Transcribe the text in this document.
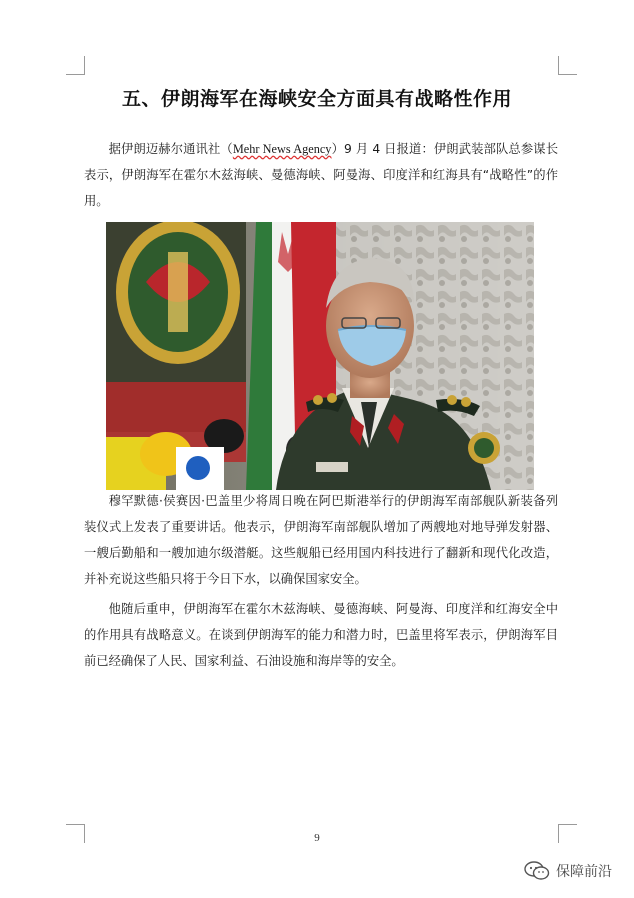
五、伊朗海军在海峡安全方面具有战略性作用

据伊朗迈赫尔通讯社（Mehr News Agency）9 月 4 日报道：伊朗武装部队总参谋长表示，伊朗海军在霍尔木兹海峡、曼德海峡、阿曼海、印度洋和红海具有“战略性”的作用。

穆罕默德·侯赛因·巴盖里少将周日晚在阿巴斯港举行的伊朗海军南部舰队新装备列装仪式上发表了重要讲话。他表示，伊朗海军南部舰队增加了两艘地对地导弹发射器、一艘后勤船和一艘加迪尔级潜艇。这些舰船已经用国内科技进行了翻新和现代化改造，并补充说这些船只将于今日下水，以确保国家安全。

他随后重申，伊朗海军在霍尔木兹海峡、曼德海峡、阿曼海、印度洋和红海安全中的作用具有战略意义。在谈到伊朗海军的能力和潜力时，巴盖里将军表示，伊朗海军目前已经确保了人民、国家利益、石油设施和海岸等的安全。

9
保障前沿
